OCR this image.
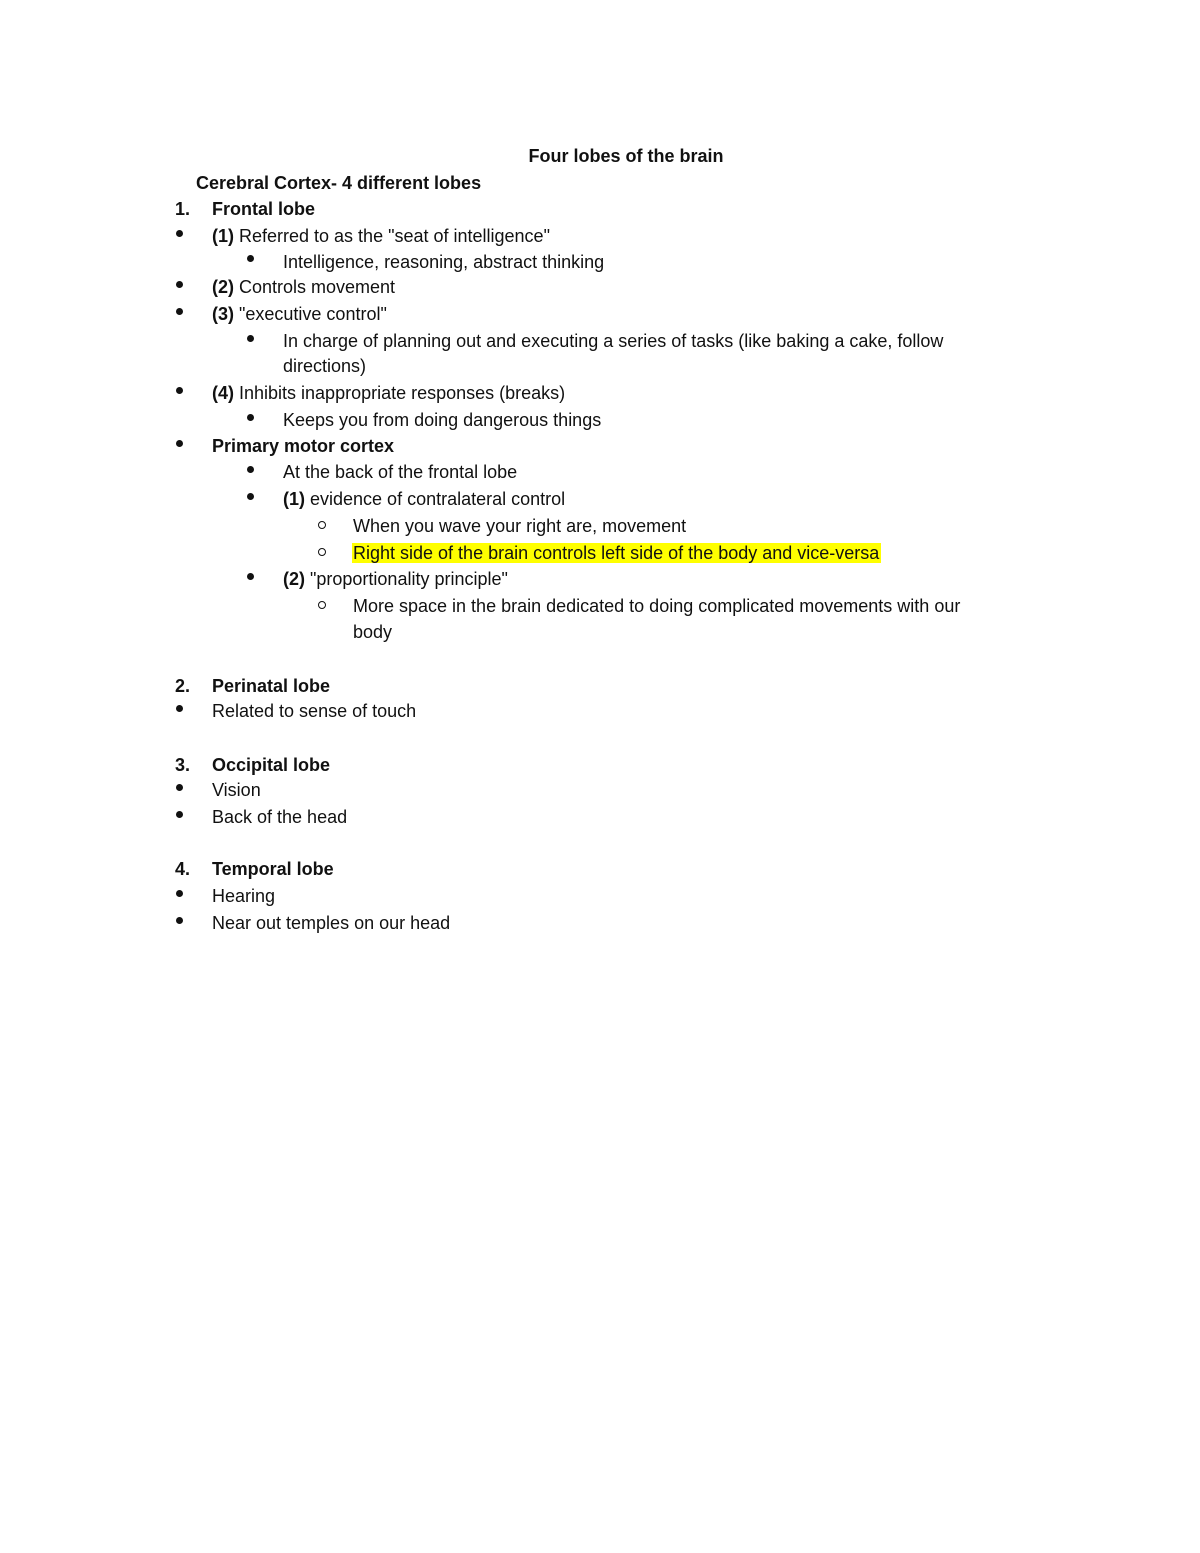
Four lobes of the brain
Cerebral Cortex- 4 different lobes
1. Frontal lobe
(1) Referred to as the "seat of intelligence"
Intelligence, reasoning, abstract thinking
(2) Controls movement
(3) "executive control"
In charge of planning out and executing a series of tasks (like baking a cake, follow
directions)
(4) Inhibits inappropriate responses (breaks)
Keeps you from doing dangerous things
Primary motor cortex
At the back of the frontal lobe
(1) evidence of contralateral control
When you wave your right are, movement
Right side of the brain controls left side of the body and vice-versa
(2) "proportionality principle"
More space in the brain dedicated to doing complicated movements with our
body
2. Perinatal lobe
Related to sense of touch
3. Occipital lobe
Vision
Back of the head
4. Temporal lobe
Hearing
Near out temples on our head
